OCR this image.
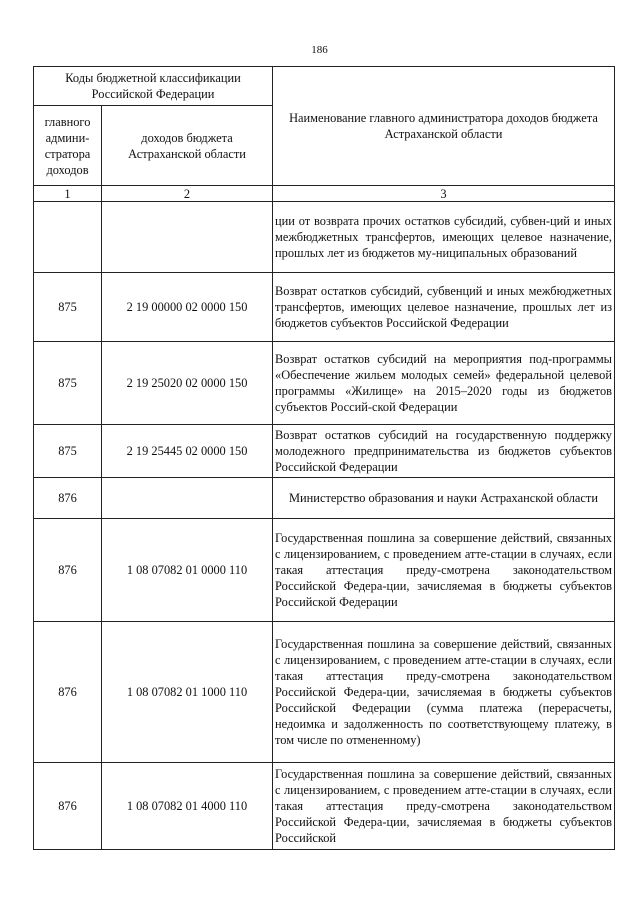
186
Коды бюджетной классификации Российской Федерации		Наименование главного администратора доходов бюджета Астраханской области
главного админи-стратора доходов	доходов бюджета Астраханской области	
1	2	3
		ции от возврата прочих остатков субсидий, субвен-ций и иных межбюджетных трансфертов, имеющих целевое назначение, прошлых лет из бюджетов му-ниципальных образований
875	2 19 00000 02 0000 150	Возврат остатков субсидий, субвенций и иных межбюджетных трансфертов, имеющих целевое назначение, прошлых лет из бюджетов субъектов Российской Федерации
875	2 19 25020 02 0000 150	Возврат остатков субсидий на мероприятия под-программы «Обеспечение жильем молодых семей» федеральной целевой программы «Жилище» на 2015–2020 годы из бюджетов субъектов Россий-ской Федерации
875	2 19 25445 02 0000 150	Возврат остатков субсидий на государственную поддержку молодежного предпринимательства из бюджетов субъектов Российской Федерации
876		Министерство образования и науки Астраханской области
876	1 08 07082 01 0000 110	Государственная пошлина за совершение действий, связанных с лицензированием, с проведением атте-стации в случаях, если такая аттестация преду-смотрена законодательством Российской Федера-ции, зачисляемая в бюджеты субъектов Российской Федерации
876	1 08 07082 01 1000 110	Государственная пошлина за совершение действий, связанных с лицензированием, с проведением атте-стации в случаях, если такая аттестация преду-смотрена законодательством Российской Федера-ции, зачисляемая в бюджеты субъектов Российской Федерации (сумма платежа (перерасчеты, недоимка и задолженность по соответствующему платежу, в том числе по отмененному)
876	1 08 07082 01 4000 110	Государственная пошлина за совершение действий, связанных с лицензированием, с проведением атте-стации в случаях, если такая аттестация преду-смотрена законодательством Российской Федера-ции, зачисляемая в бюджеты субъектов Российской
